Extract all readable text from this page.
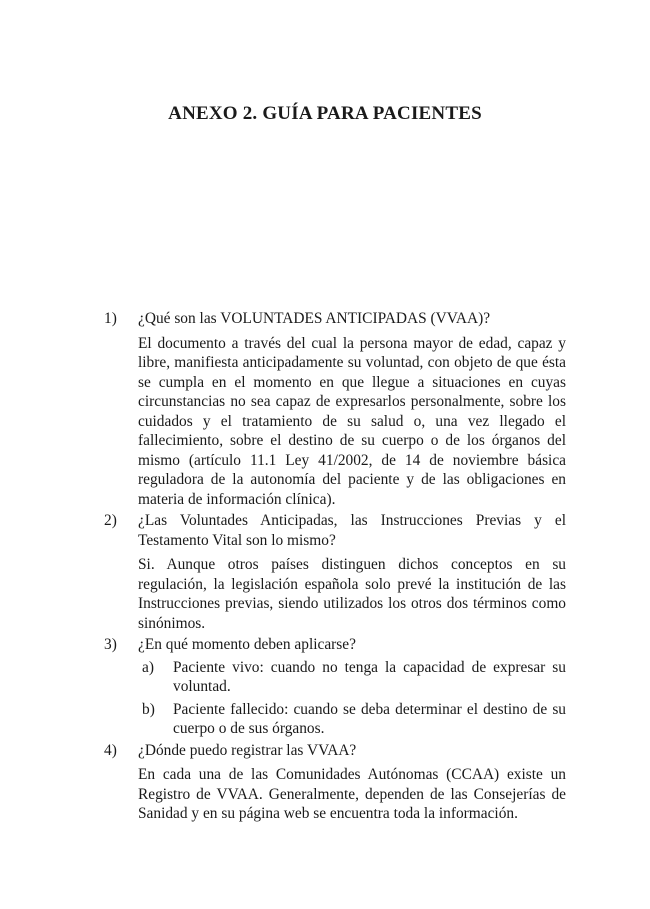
ANEXO 2. GUÍA PARA PACIENTES
1)	¿Qué son las VOLUNTADES ANTICIPADAS (VVAA)?
El documento a través del cual la persona mayor de edad, capaz y libre, manifiesta anticipadamente su voluntad, con objeto de que ésta se cumpla en el momento en que llegue a situaciones en cuyas circunstancias no sea capaz de expresarlos personalmente, sobre los cuidados y el tratamiento de su salud o, una vez llegado el fallecimiento, sobre el destino de su cuerpo o de los órganos del mismo (artículo 11.1 Ley 41/2002, de 14 de noviembre básica reguladora de la autonomía del paciente y de las obligaciones en materia de información clínica).
2)	¿Las Voluntades Anticipadas, las Instrucciones Previas y el Testamento Vital son lo mismo?
Si. Aunque otros países distinguen dichos conceptos en su regulación, la legislación española solo prevé la institución de las Instrucciones previas, siendo utilizados los otros dos términos como sinónimos.
3)	¿En qué momento deben aplicarse?
a)	Paciente vivo: cuando no tenga la capacidad de expresar su voluntad.
b)	Paciente fallecido: cuando se deba determinar el destino de su cuerpo o de sus órganos.
4)	¿Dónde puedo registrar las VVAA?
En cada una de las Comunidades Autónomas (CCAA) existe un Registro de VVAA. Generalmente, dependen de las Consejerías de Sanidad y en su página web se encuentra toda la información.
